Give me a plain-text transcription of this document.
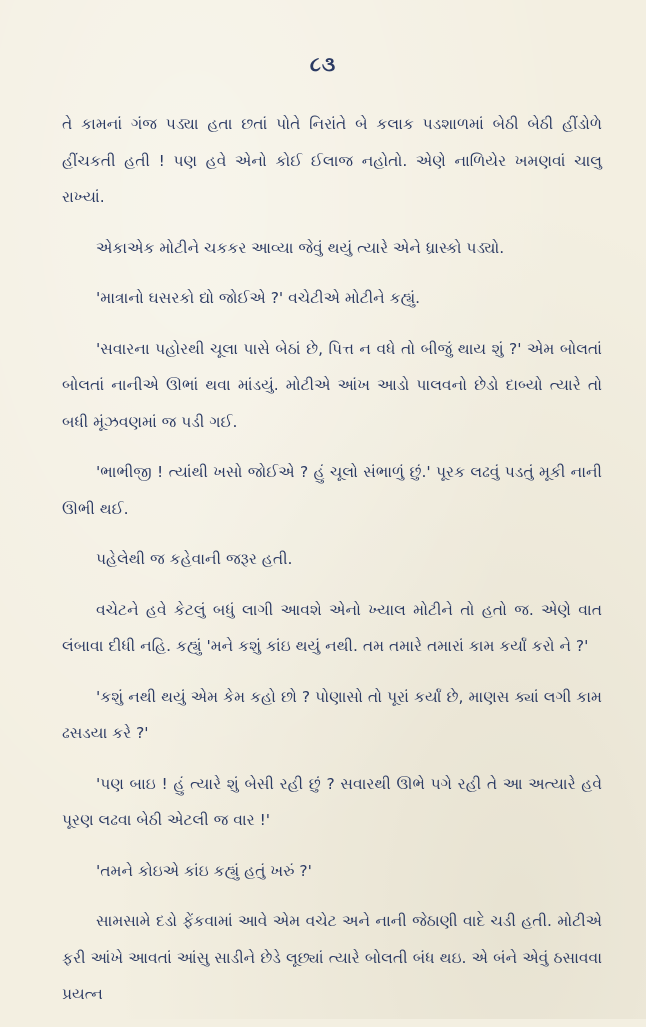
૮૩

તે કામનાં ગંજ પડ્યા હતા છતાં પોતે નિરાંતે બે કલાક પડશાળમાં બેઠી બેઠી હીંડોળે હીંચકતી હતી ! પણ હવે એનો કોઈ ઈલાજ નહોતો. એણે નાળિયેર ખમણવાં ચાલુ રાખ્યાં.

એકાએક મોટીને ચકકર આવ્યા જેવું થયું ત્યારે એને ધ્રાસ્કો પડ્યો.

'માત્રાનો ઘસરકો દ્યો જોઈએ ?' વચેટીએ મોટીને કહ્યું.

'સવારના પહોરથી ચૂલા પાસે બેઠાં છે, પિત્ત ન વધે તો બીજું થાય શું ?' એમ બોલતાં બોલતાં નાનીએ ઊભાં થવા માંડયું. મોટીએ આંખ આડો પાલવનો છેડો દાબ્યો ત્યારે તો બધી મૂંઝવણમાં જ પડી ગઈ.

'ભાભીજી ! ત્યાંથી ખસો જોઈએ ? હું ચૂલો સંભાળું છું.' પૂરક લઢવું પડતું મૂકી નાની ઊભી થઈ.

પહેલેથી જ કહેવાની જરૂર હતી.

વચેટને હવે કેટલું બધું લાગી આવશે એનો ખ્યાલ મોટીને તો હતો જ. એણે વાત લંબાવા દીધી નહિ. કહ્યું 'મને કશું કાંઇ થયું નથી. તમ તમારે તમારાં કામ કર્યાં કરો ને ?'

'કશું નથી થયું એમ કેમ કહો છો ? પોણાસો તો પૂરાં કર્યાં છે, માણસ ક્યાં લગી કામ ઢસડયા કરે ?'

'પણ બાઇ ! હું ત્યારે શું બેસી રહી છું ? સવારથી ઊભે પગે રહી તે આ અત્યારે હવે પૂરણ લઢવા બેઠી એટલી જ વાર !'

'તમને કોઇએ કાંઇ કહ્યું હતું ખરું ?'

સામસામે દડો ફેંકવામાં આવે એમ વચેટ અને નાની જેઠાણી વાદે ચડી હતી. મોટીએ ફરી આંખે આવતાં આંસુ સાડીને છેડે લૂછ્યાં ત્યારે બોલતી બંધ થઇ. એ બંને એવું ઠસાવવા પ્રયત્ન
